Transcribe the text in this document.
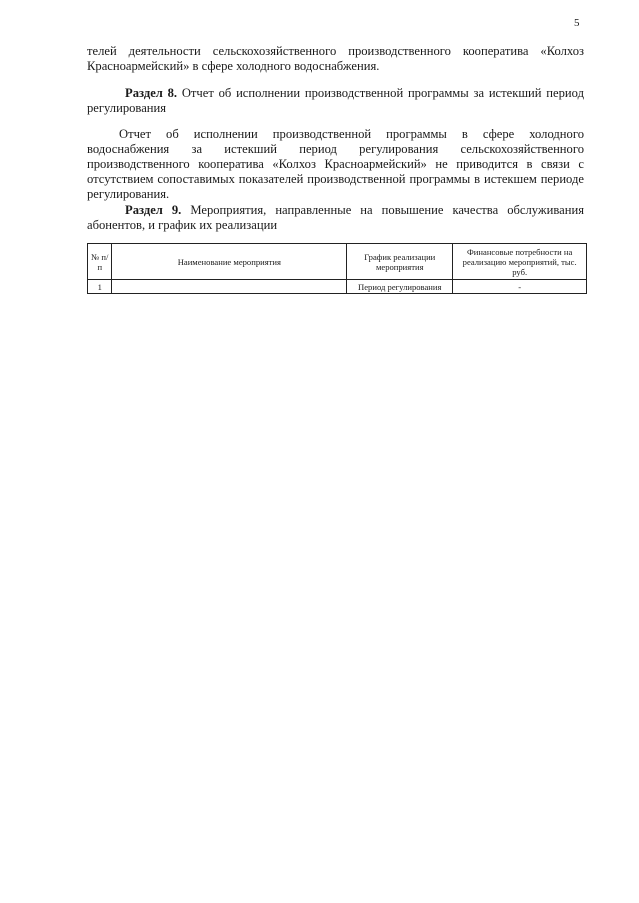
5

телей деятельности сельскохозяйственного производственного кооператива «Колхоз Красноармейский» в сфере холодного водоснабжения.

Раздел 8. Отчет об исполнении производственной программы за истекший период регулирования

Отчет об исполнении производственной программы в сфере холодного водоснабжения за истекший период регулирования сельскохозяйственного производственного кооператива «Колхоз Красноармейский» не приводится в связи с отсутствием сопоставимых показателей производственной программы в истекшем периоде регулирования.

Раздел 9. Мероприятия, направленные на повышение качества обслуживания абонентов, и график их реализации

№ п/п	Наименование мероприятия	График реализации мероприятия	Финансовые потребности на реализацию мероприятий, тыс. руб.
1		Период регулирования	-
